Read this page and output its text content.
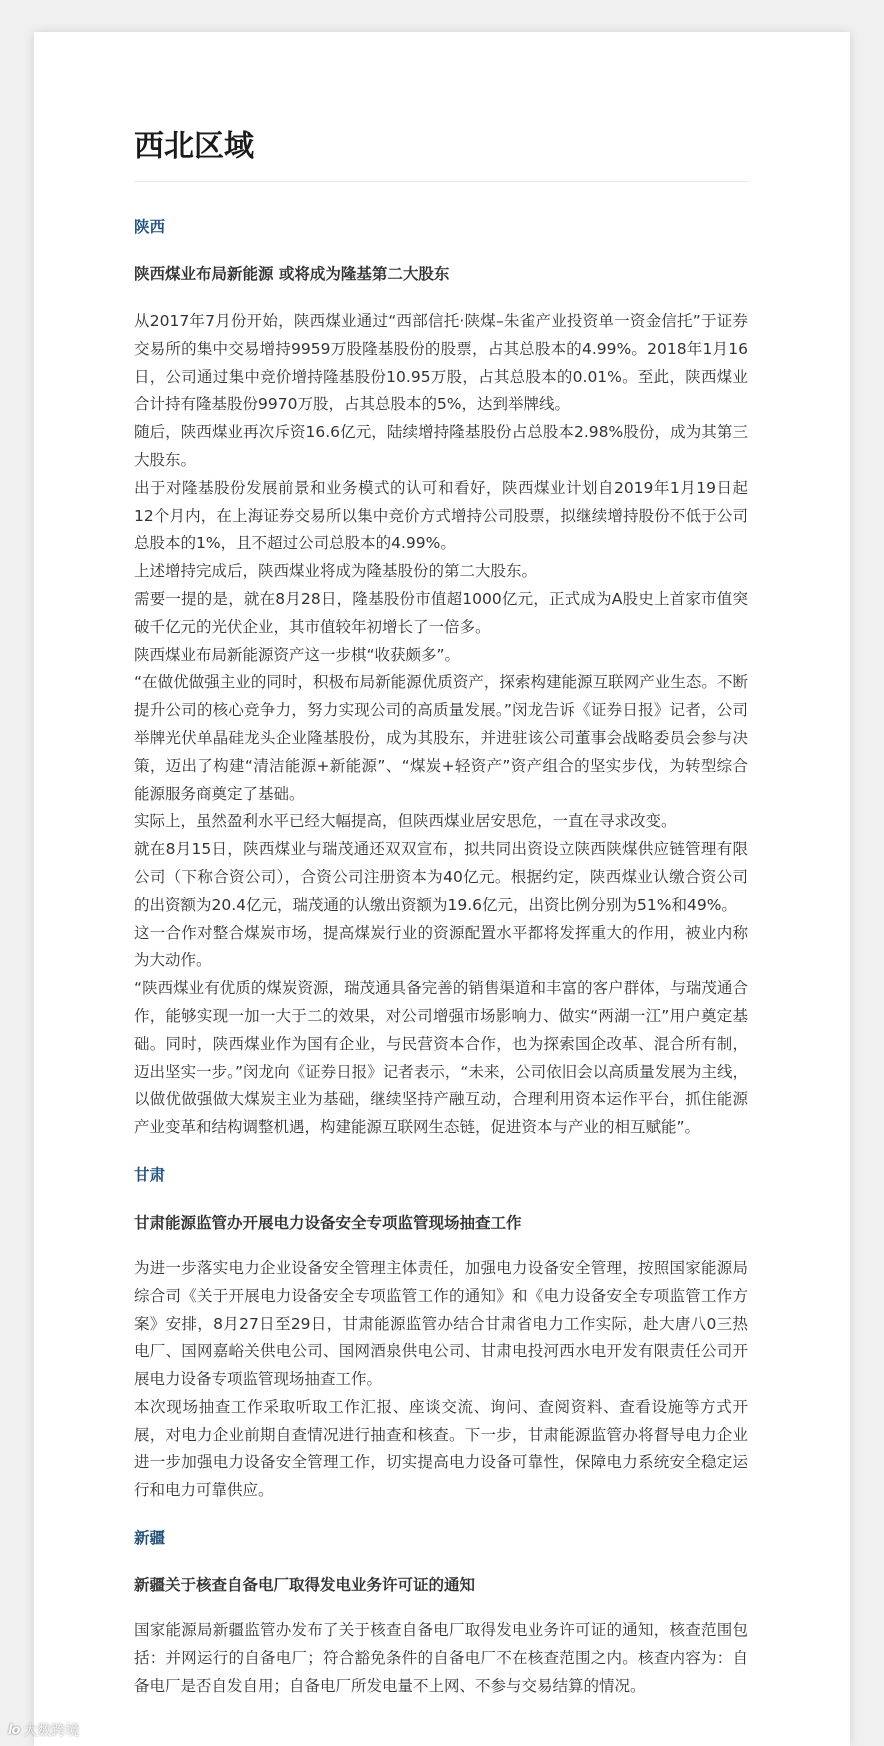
西北区域
陕西
陕西煤业布局新能源 或将成为隆基第二大股东

从2017年7月份开始，陕西煤业通过“西部信托·陕煤–朱雀产业投资单一资金信托”于证券交易所的集中交易增持9959万股隆基股份的股票，占其总股本的4.99%。2018年1月16日，公司通过集中竞价增持隆基股份10.95万股，占其总股本的0.01%。至此，陕西煤业合计持有隆基股份9970万股，占其总股本的5%，达到举牌线。

随后，陕西煤业再次斥资16.6亿元，陆续增持隆基股份占总股本2.98%股份，成为其第三大股东。

出于对隆基股份发展前景和业务模式的认可和看好，陕西煤业计划自2019年1月19日起12个月内，在上海证券交易所以集中竞价方式增持公司股票，拟继续增持股份不低于公司总股本的1%，且不超过公司总股本的4.99%。

上述增持完成后，陕西煤业将成为隆基股份的第二大股东。

需要一提的是，就在8月28日，隆基股份市值超1000亿元，正式成为A股史上首家市值突破千亿元的光伏企业，其市值较年初增长了一倍多。

陕西煤业布局新能源资产这一步棋“收获颇多”。

“在做优做强主业的同时，积极布局新能源优质资产，探索构建能源互联网产业生态。不断提升公司的核心竞争力，努力实现公司的高质量发展。”闵龙告诉《证券日报》记者，公司举牌光伏单晶硅龙头企业隆基股份，成为其股东，并进驻该公司董事会战略委员会参与决策，迈出了构建“清洁能源+新能源”、“煤炭+轻资产”资产组合的坚实步伐，为转型综合能源服务商奠定了基础。

实际上，虽然盈利水平已经大幅提高，但陕西煤业居安思危，一直在寻求改变。

就在8月15日，陕西煤业与瑞茂通还双双宣布，拟共同出资设立陕西陕煤供应链管理有限公司（下称合资公司），合资公司注册资本为40亿元。根据约定，陕西煤业认缴合资公司的出资额为20.4亿元，瑞茂通的认缴出资额为19.6亿元，出资比例分别为51%和49%。

这一合作对整合煤炭市场，提高煤炭行业的资源配置水平都将发挥重大的作用，被业内称为大动作。

“陕西煤业有优质的煤炭资源，瑞茂通具备完善的销售渠道和丰富的客户群体，与瑞茂通合作，能够实现一加一大于二的效果，对公司增强市场影响力、做实“两湖一江”用户奠定基础。同时，陕西煤业作为国有企业，与民营资本合作，也为探索国企改革、混合所有制，迈出坚实一步。”闵龙向《证券日报》记者表示，“未来，公司依旧会以高质量发展为主线，以做优做强做大煤炭主业为基础，继续坚持产融互动，合理利用资本运作平台，抓住能源产业变革和结构调整机遇，构建能源互联网生态链，促进资本与产业的相互赋能”。

甘肃
甘肃能源监管办开展电力设备安全专项监管现场抽查工作

为进一步落实电力企业设备安全管理主体责任，加强电力设备安全管理，按照国家能源局综合司《关于开展电力设备安全专项监管工作的通知》和《电力设备安全专项监管工作方案》安排，8月27日至29日，甘肃能源监管办结合甘肃省电力工作实际，赴大唐八0三热电厂、国网嘉峪关供电公司、国网酒泉供电公司、甘肃电投河西水电开发有限责任公司开展电力设备专项监管现场抽查工作。

本次现场抽查工作采取听取工作汇报、座谈交流、询问、查阅资料、查看设施等方式开展，对电力企业前期自查情况进行抽查和核查。下一步，甘肃能源监管办将督导电力企业进一步加强电力设备安全管理工作，切实提高电力设备可靠性，保障电力系统安全稳定运行和电力可靠供应。

新疆
新疆关于核查自备电厂取得发电业务许可证的通知

国家能源局新疆监管办发布了关于核查自备电厂取得发电业务许可证的通知，核查范围包括：并网运行的自备电厂；符合豁免条件的自备电厂不在核查范围之内。核查内容为：自备电厂是否自发自用；自备电厂所发电量不上网、不参与交易结算的情况。

lo 大数跨境
